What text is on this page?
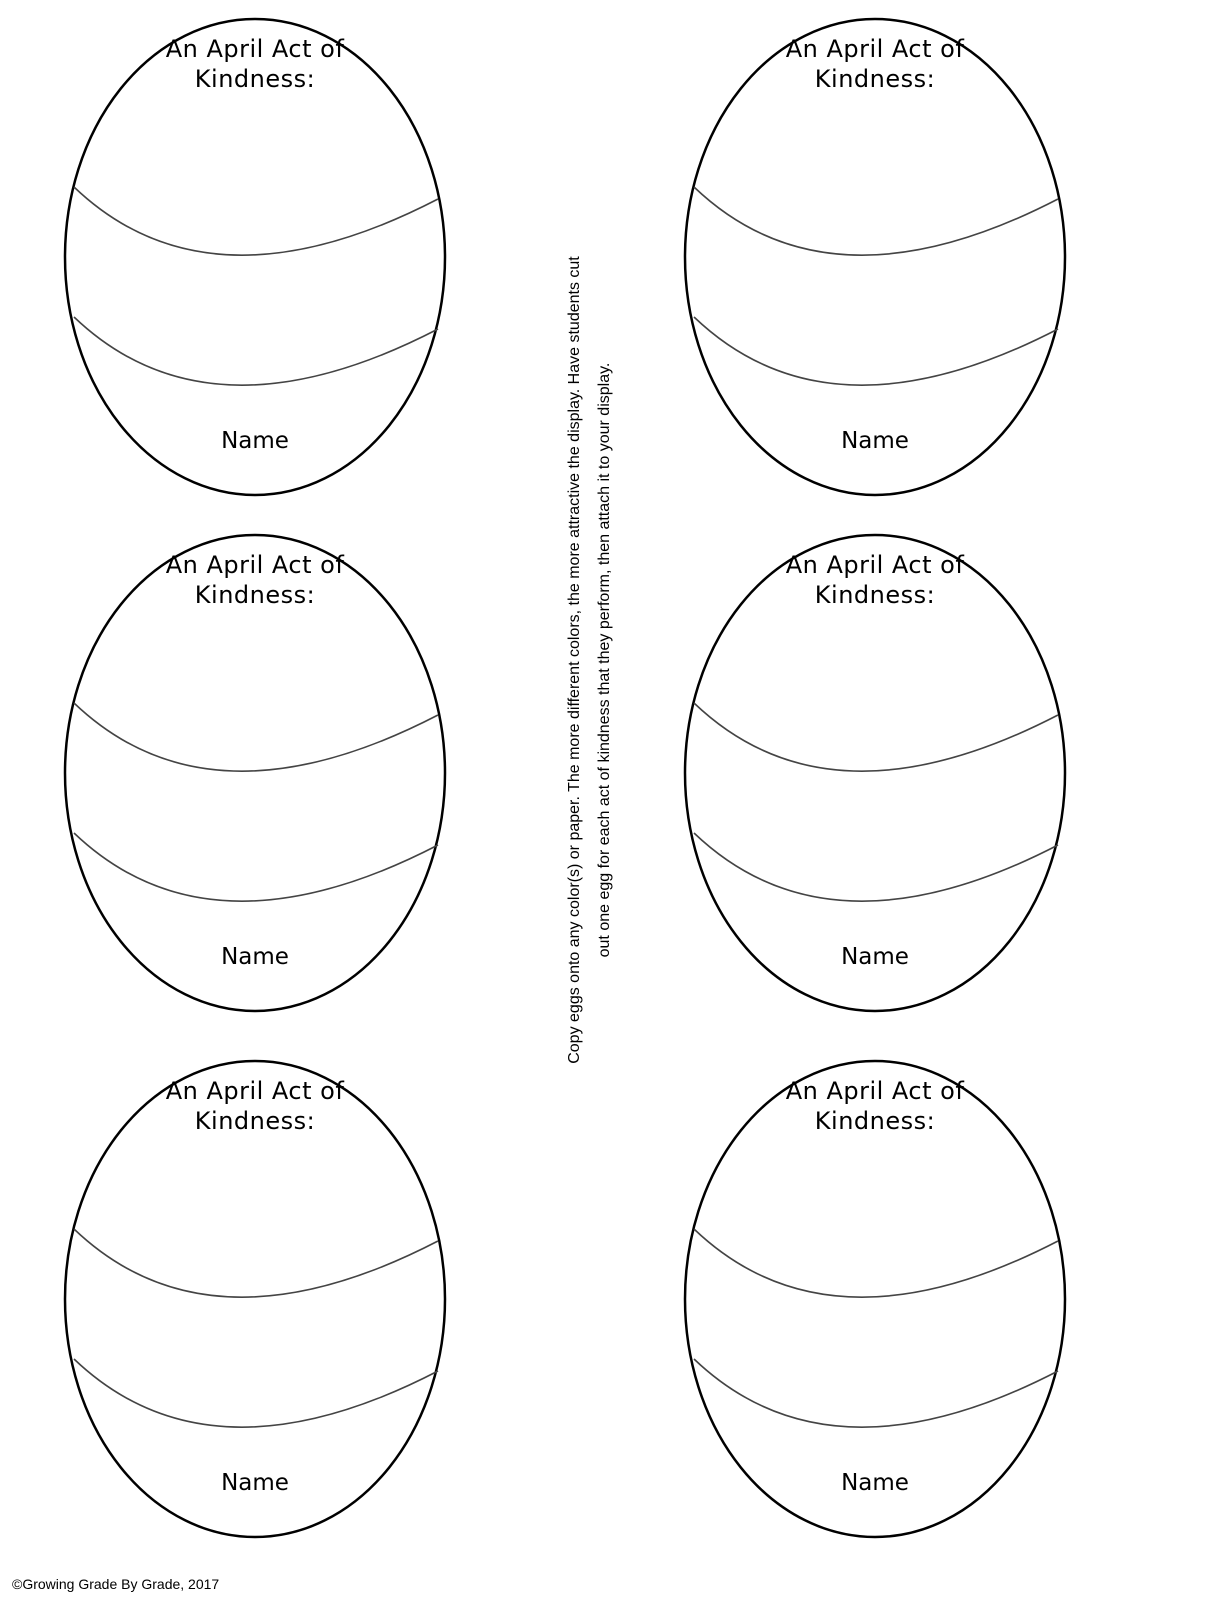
An April Act of
Kindness:
Name
An April Act of
Kindness:
Name
An April Act of
Kindness:
Name
An April Act of
Kindness:
Name
An April Act of
Kindness:
Name
An April Act of
Kindness:
Name
Copy eggs onto any color(s) or paper. The more different colors, the more attractive the display. Have students cut out one egg for each act of kindness that they perform, then attach it to your display.
©Growing Grade By Grade, 2017
